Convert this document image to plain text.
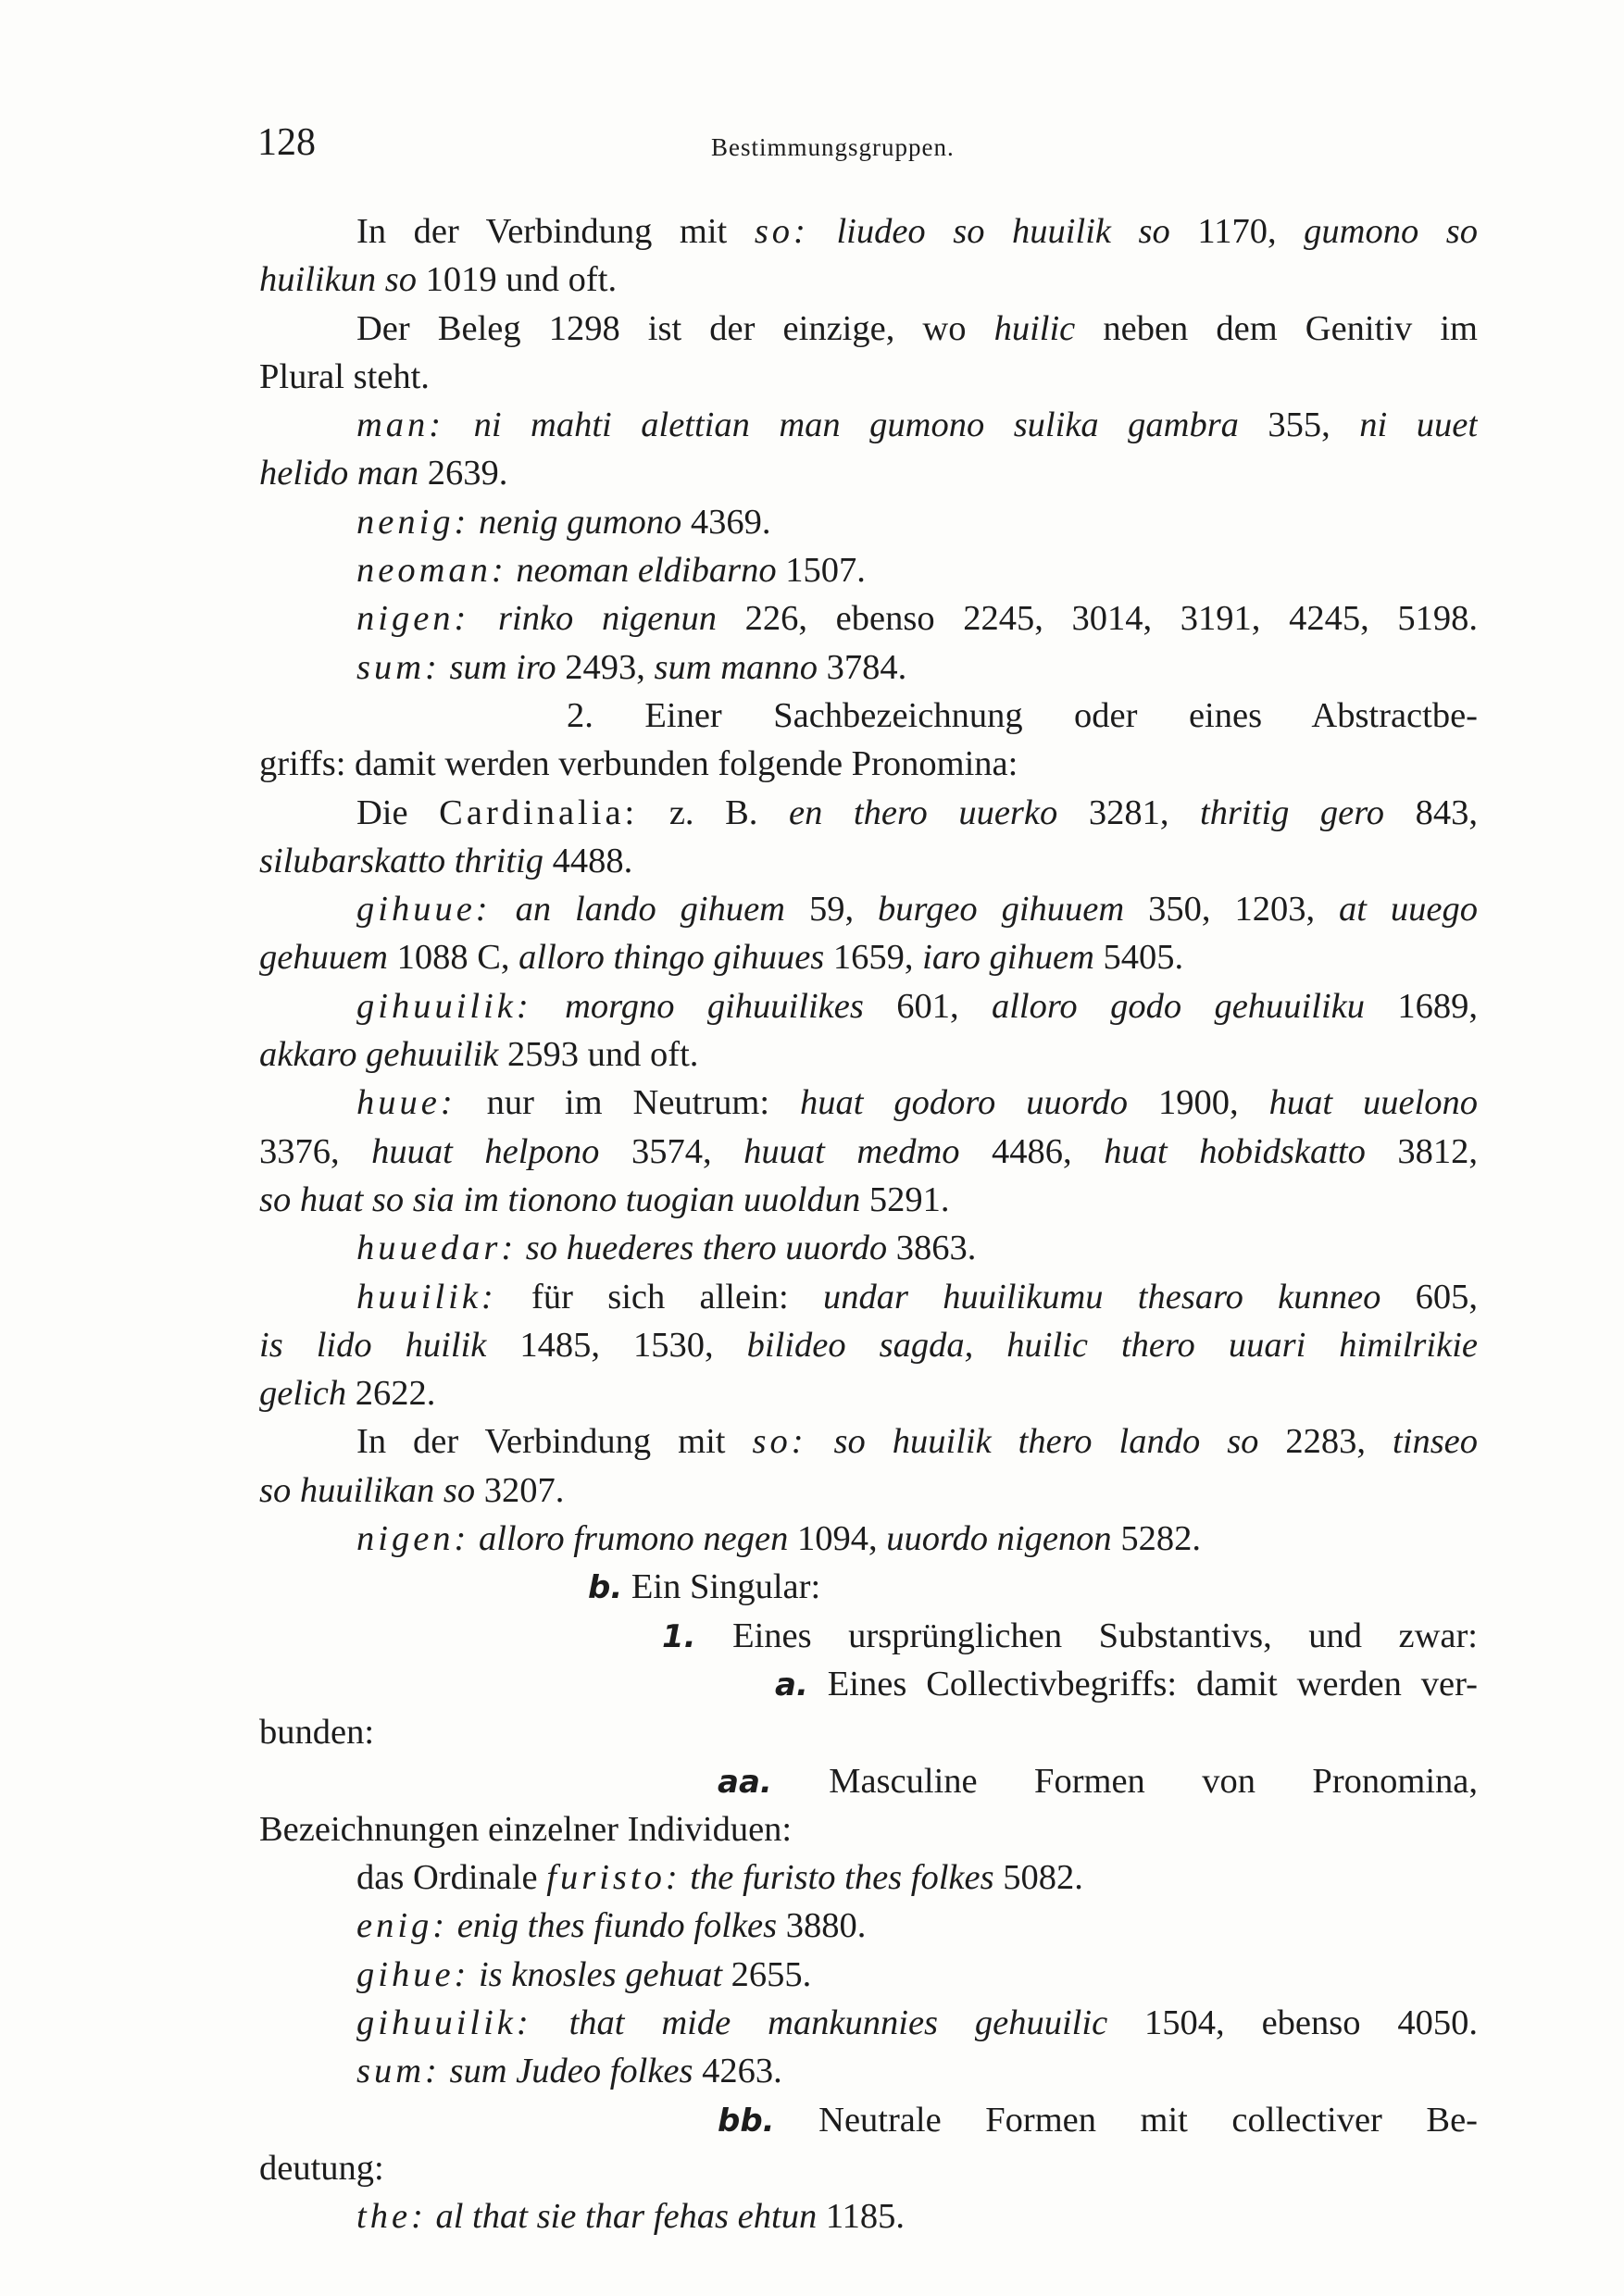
128	Bestimmungsgruppen.
In der Verbindung mit so: liudeo so huuilik so 1170, gumono so
huilikun so 1019 und oft.
Der Beleg 1298 ist der einzige, wo huilic neben dem Genitiv im
Plural steht.
man: ni mahti alettian man gumono sulika gambra 355, ni uuet
helido man 2639.
nenig: nenig gumono 4369.
neoman: neoman eldibarno 1507.
nigen: rinko nigenun 226, ebenso 2245, 3014, 3191, 4245, 5198.
sum: sum iro 2493, sum manno 3784.
2. Einer Sachbezeichnung oder eines Abstractbe-
griffs: damit werden verbunden folgende Pronomina:
Die Cardinalia: z. B. en thero uuerko 3281, thritig gero 843,
silubarskatto thritig 4488.
gihuue: an lando gihuem 59, burgeo gihuuem 350, 1203, at uuego
gehuuem 1088 C, alloro thingo gihuues 1659, iaro gihuem 5405.
gihuuilik: morgno gihuuilikes 601, alloro godo gehuuiliku 1689,
akkaro gehuuilik 2593 und oft.
huue: nur im Neutrum: huat godoro uuordo 1900, huat uuelono
3376, huuat helpono 3574, huuat medmo 4486, huat hobidskatto 3812,
so huat so sia im tionono tuogian uuoldun 5291.
huuedar: so huederes thero uuordo 3863.
huuilik: für sich allein: undar huuilikumu thesaro kunneo 605,
is lido huilik 1485, 1530, bilideo sagda, huilic thero uuari himilrikie
gelich 2622.
In der Verbindung mit so: so huuilik thero lando so 2283, tinseo
so huuilikan so 3207.
nigen: alloro frumono negen 1094, uuordo nigenon 5282.
b. Ein Singular:
1. Eines ursprünglichen Substantivs, und zwar:
a. Eines Collectivbegriffs: damit werden ver-
bunden:
aa. Masculine Formen von Pronomina,
Bezeichnungen einzelner Individuen:
das Ordinale furisto: the furisto thes folkes 5082.
enig: enig thes fiundo folkes 3880.
gihue: is knosles gehuat 2655.
gihuuilik: that mide mankunnies gehuuilic 1504, ebenso 4050.
sum: sum Judeo folkes 4263.
bb. Neutrale Formen mit collectiver Be-
deutung:
the: al that sie thar fehas ehtun 1185.
